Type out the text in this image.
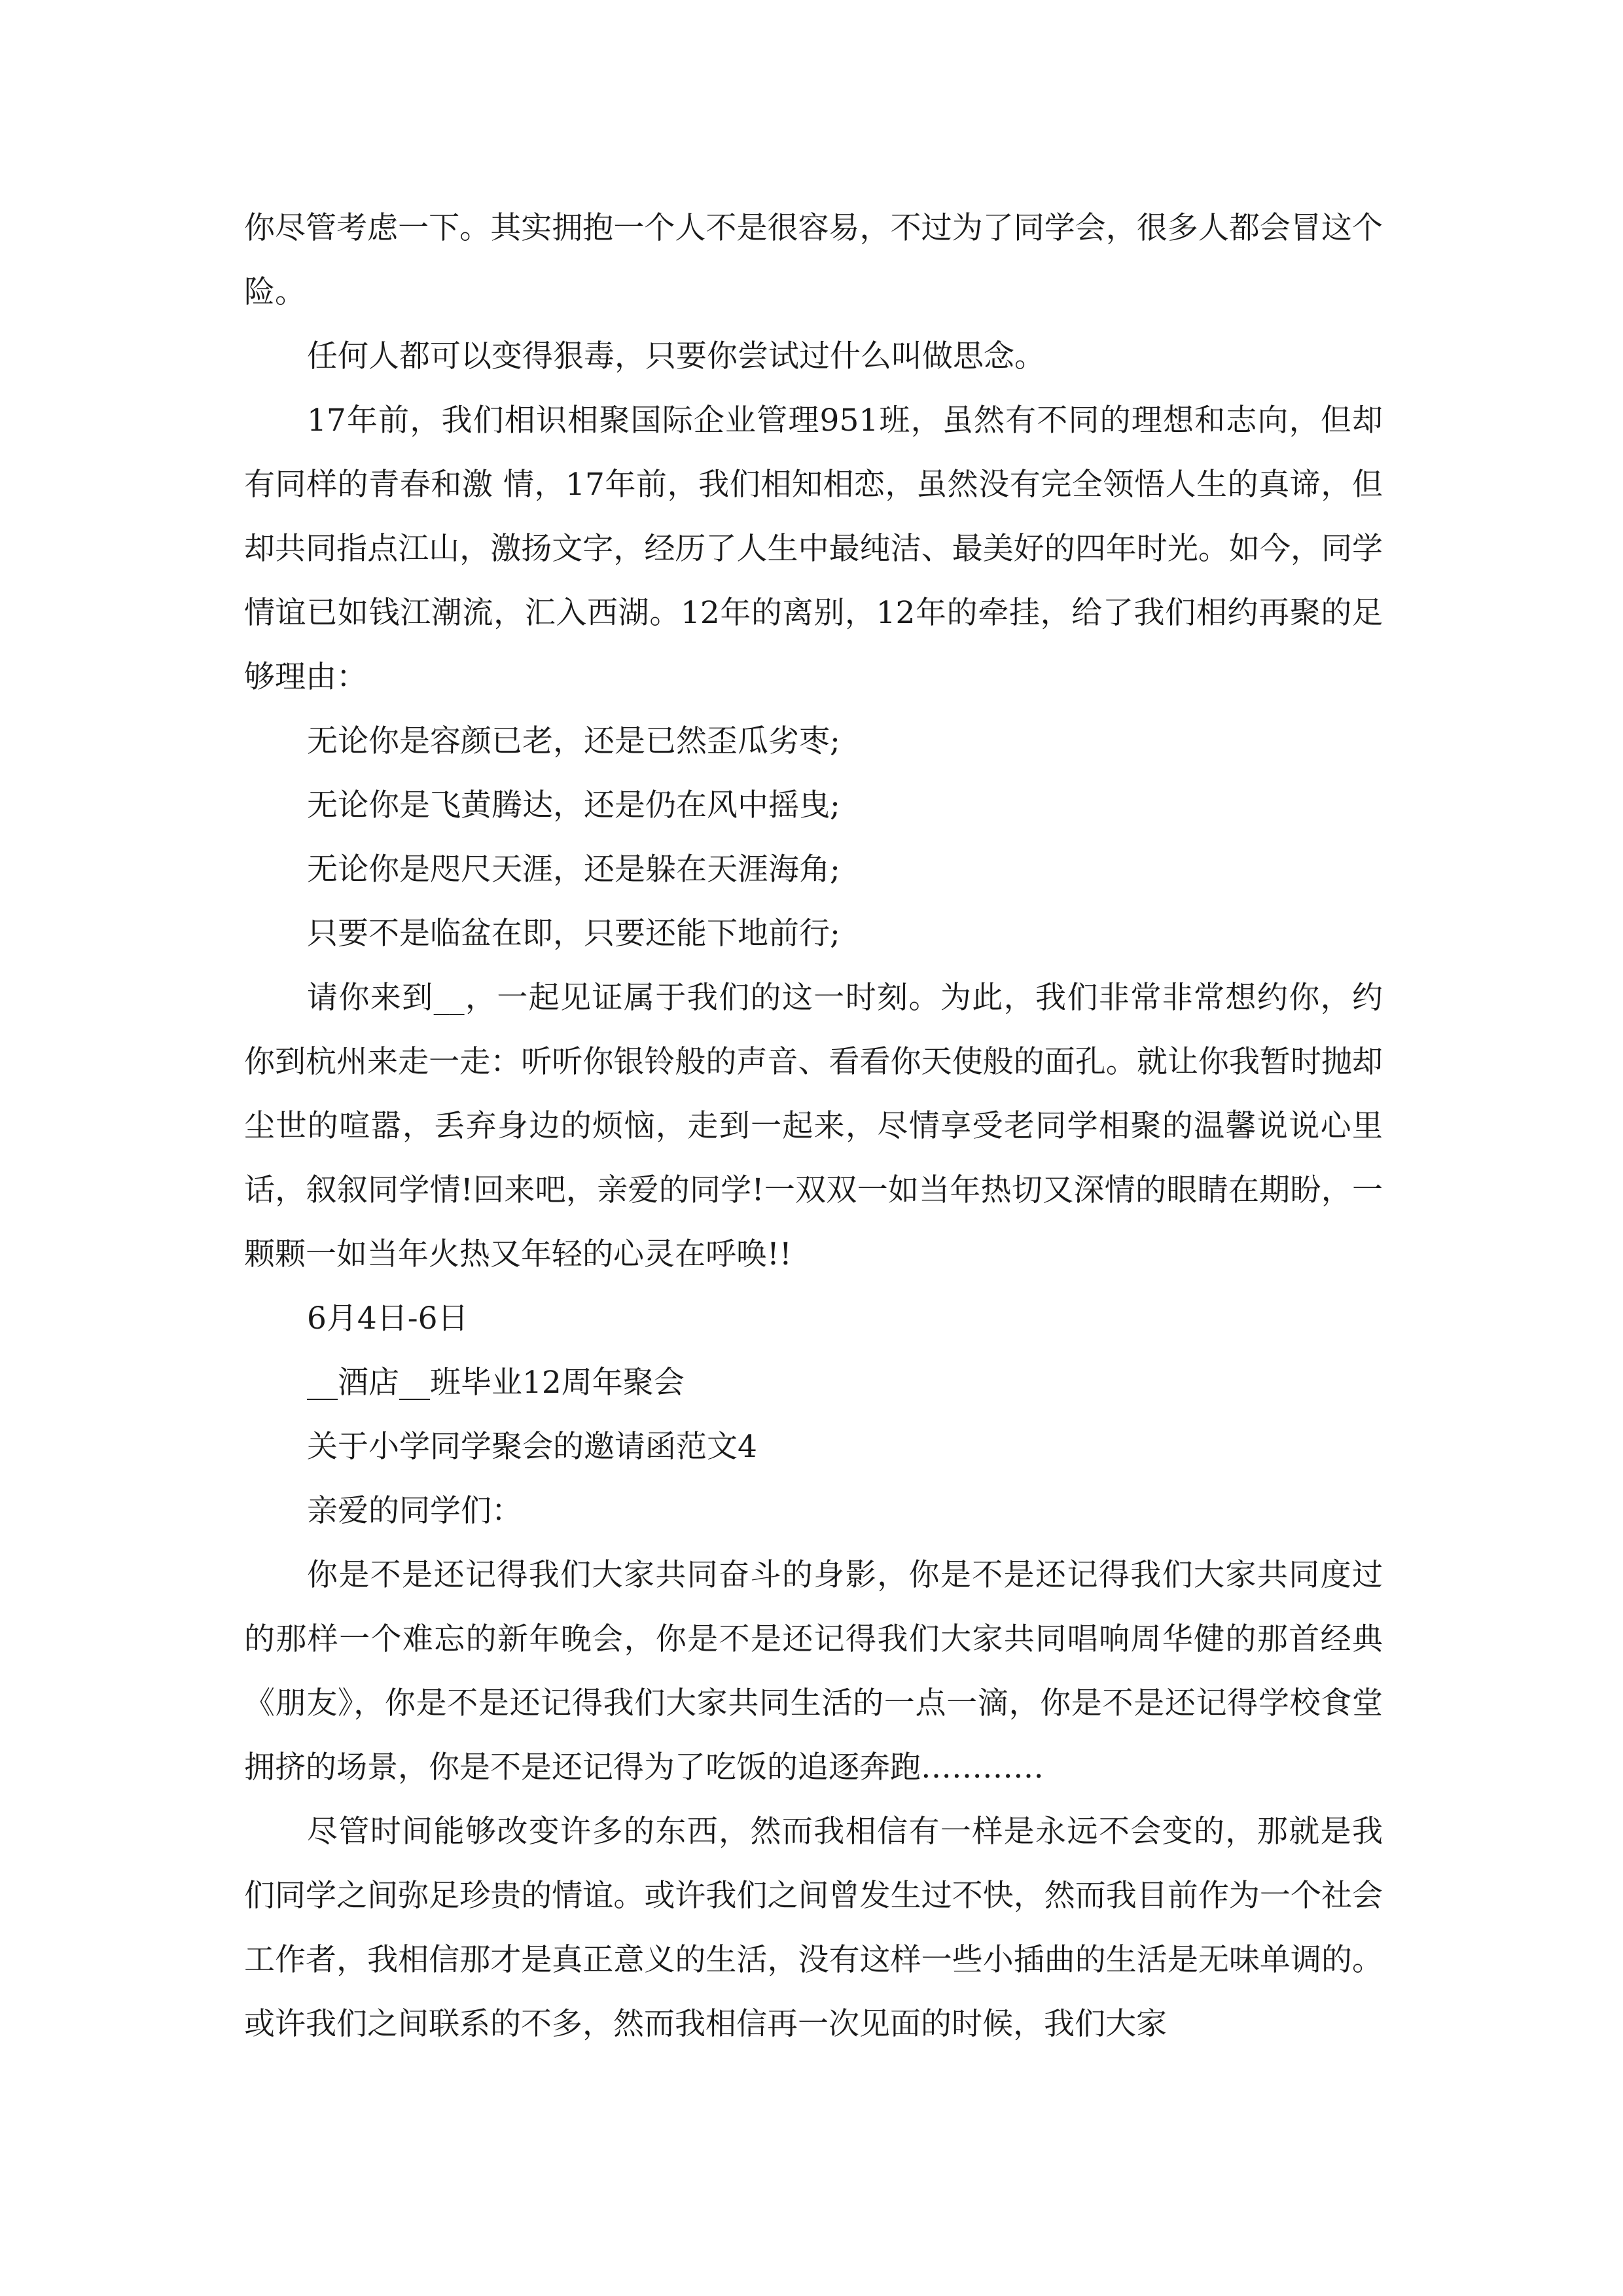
你尽管考虑一下。其实拥抱一个人不是很容易，不过为了同学会，很多人都会冒这个险。

任何人都可以变得狠毒，只要你尝试过什么叫做思念。

17年前，我们相识相聚国际企业管理951班，虽然有不同的理想和志向，但却有同样的青春和激 情，17年前，我们相知相恋，虽然没有完全领悟人生的真谛，但却共同指点江山，激扬文字，经历了人生中最纯洁、最美好的四年时光。如今，同学情谊已如钱江潮流，汇入西湖。12年的离别，12年的牵挂，给了我们相约再聚的足够理由：

无论你是容颜已老，还是已然歪瓜劣枣;

无论你是飞黄腾达，还是仍在风中摇曳;

无论你是咫尺天涯，还是躲在天涯海角;

只要不是临盆在即，只要还能下地前行;

请你来到__，一起见证属于我们的这一时刻。为此，我们非常非常想约你，约你到杭州来走一走：听听你银铃般的声音、看看你天使般的面孔。就让你我暂时抛却尘世的喧嚣，丢弃身边的烦恼，走到一起来，尽情享受老同学相聚的温馨说说心里话，叙叙同学情!回来吧，亲爱的同学!一双双一如当年热切又深情的眼睛在期盼，一颗颗一如当年火热又年轻的心灵在呼唤!!

6月4日-6日

__酒店__班毕业12周年聚会

关于小学同学聚会的邀请函范文4

亲爱的同学们：

你是不是还记得我们大家共同奋斗的身影，你是不是还记得我们大家共同度过的那样一个难忘的新年晚会，你是不是还记得我们大家共同唱响周华健的那首经典《朋友》，你是不是还记得我们大家共同生活的一点一滴，你是不是还记得学校食堂拥挤的场景，你是不是还记得为了吃饭的追逐奔跑…………

尽管时间能够改变许多的东西，然而我相信有一样是永远不会变的，那就是我们同学之间弥足珍贵的情谊。或许我们之间曾发生过不快，然而我目前作为一个社会工作者，我相信那才是真正意义的生活，没有这样一些小插曲的生活是无味单调的。或许我们之间联系的不多，然而我相信再一次见面的时候，我们大家
